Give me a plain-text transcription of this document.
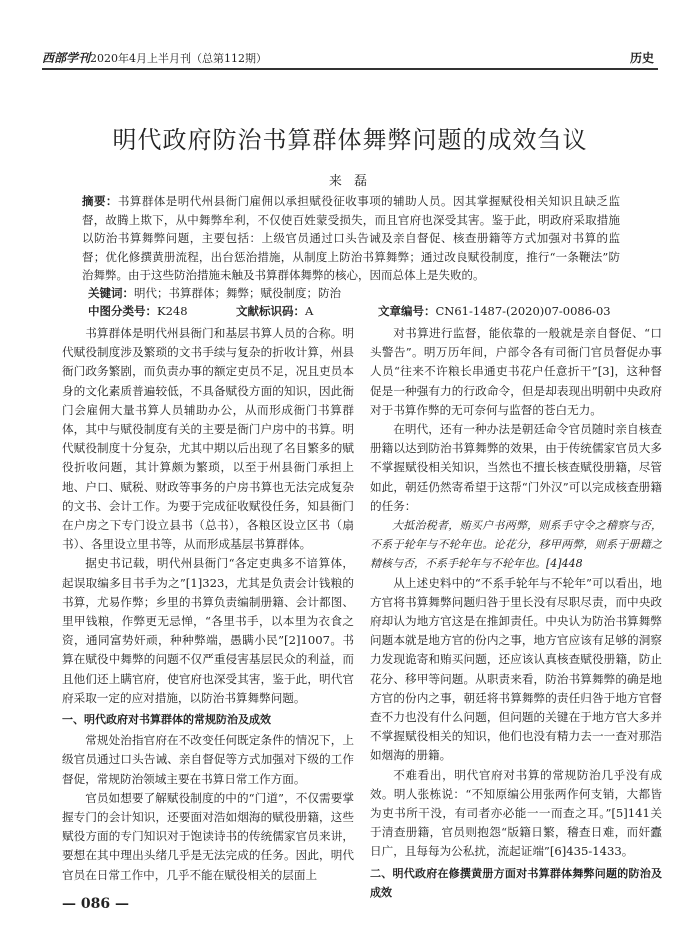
西部学刊2020年4月上半月刊（总第112期）	历史
明代政府防治书算群体舞弊问题的成效刍议
来 磊
摘要：书算群体是明代州县衙门雇佣以承担赋役征收事项的辅助人员。因其掌握赋役相关知识且缺乏监督，故腾上欺下，从中舞弊牟利，不仅使百姓蒙受损失，而且官府也深受其害。鉴于此，明政府采取措施以防治书算舞弊问题，主要包括：上级官员通过口头告诫及亲自督促、核查册籍等方式加强对书算的监督；优化修撰黄册流程，出台惩治措施，从制度上防治书算舞弊；通过改良赋役制度，推行“一条鞭法”防治舞弊。由于这些防治措施未触及书算群体舞弊的核心，因而总体上是失败的。
关键词：明代；书算群体；舞弊；赋役制度；防治
中图分类号：K248	文献标识码：A	文章编号：CN61-1487-(2020)07-0086-03

书算群体是明代州县衙门和基层书算人员的合称。明代赋役制度涉及繁琐的文书手续与复杂的折收计算，州县衙门政务繁剧，而负责办事的额定吏员不足，况且吏员本身的文化素质普遍较低，不具备赋役方面的知识，因此衙门会雇佣大量书算人员辅助办公，从而形成衙门书算群体，其中与赋役制度有关的主要是衙门户房中的书算。明代赋役制度十分复杂，尤其中期以后出现了名目繁多的赋役折收问题，其计算颇为繁琐，以至于州县衙门承担上地、户口、赋税、财政等事务的户房书算也无法完成复杂的文书、会计工作。为要于完成征收赋役任务，知县衙门在户房之下专门设立县书（总书），各粮区设立区书（扇书）、各里设立里书等，从而形成基层书算群体。

据史书记载，明代州县衙门“各定吏典多不谙算体，起误取编多目书手为之”[1]323，尤其是负责会计钱粮的书算，尤易作弊；乡里的书算负责编制册籍、会计都图、里甲钱粮，作弊更无忌惮，“各里书手，以本里为衣食之资，通同富势奸顽，种种弊端，愚瞒小民”[2]1007。书算在赋役中舞弊的问题不仅严重侵害基层民众的利益，而且他们还上瞒官府，使官府也深受其害，鉴于此，明代官府采取一定的应对措施，以防治书算舞弊问题。

一、明代政府对书算群体的常规防治及成效

常规处治指官府在不改变任何既定条件的情况下，上级官员通过口头告诫、亲自督促等方式加强对下级的工作督促，常规防治领域主要在书算日常工作方面。

官员如想要了解赋役制度的中的“门道”，不仅需要掌握专门的会计知识，还要面对浩如烟海的赋役册籍，这些赋役方面的专门知识对于饱读诗书的传统儒家官员来讲，要想在其中理出头绪几乎是无法完成的任务。因此，明代官员在日常工作中，几乎不能在赋役相关的层面上

对书算进行监督，能依靠的一般就是亲自督促、“口头警告”。明万历年间，户部令各有司衙门官员督促办事人员“往来不许粮长串通吏书花户任意折干”[3]，这种督促是一种强有力的行政命令，但是却表现出明朝中央政府对于书算作弊的无可奈何与监督的苍白无力。

在明代，还有一种办法是朝廷命令官员随时亲自核查册籍以达到防治书算舞弊的效果，由于传统儒家官员大多不掌握赋役相关知识，当然也不擅长核查赋役册籍，尽管如此，朝廷仍然寄希望于这帮“门外汉”可以完成核查册籍的任务：

大抵治税者，贿买户书两弊，则系手守令之稽察与否，不系于轮年与不轮年也。论花分，移甲两弊，则系于册籍之精核与否，不系手轮年与不轮年也。[4]448

从上述史料中的“不系手轮年与不轮年”可以看出，地方官将书算舞弊问题归咎于里长没有尽职尽责，而中央政府却认为地方官这是在推卸责任。中央认为防治书算舞弊问题本就是地方官的份内之事，地方官应该有足够的洞察力发现诡寄和贿买问题，还应该认真核查赋役册籍，防止花分、移甲等问题。从职责来看，防治书算舞弊的确是地方官的份内之事，朝廷将书算舞弊的责任归咎于地方官督查不力也没有什么问题，但问题的关键在于地方官大多并不掌握赋役相关的知识，他们也没有精力去一一查对那浩如烟海的册籍。

不难看出，明代官府对书算的常规防治几乎没有成效。明人张栋说：“不知原编公用张两作何支销，大都皆为吏书所干没，有司者亦必能一一而查之耳。”[5]141关于清查册籍，官员则抱怨“版籍日繁，稽查日难，而奸蠹日广，且每每为公私扰，流起证端”[6]435-1433。

二、明代政府在修撰黄册方面对书算群体舞弊问题的防治及成效

— 086 —
